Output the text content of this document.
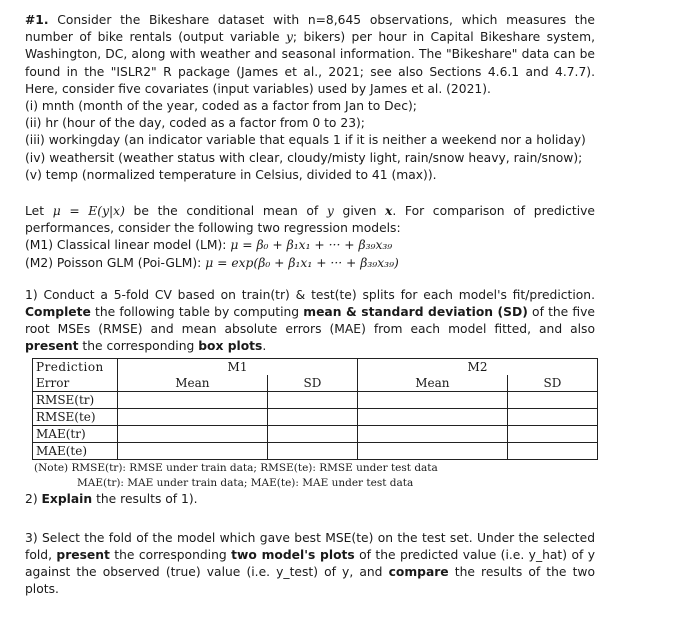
#1. Consider the Bikeshare dataset with n=8,645 observations, which measures the number of bike rentals (output variable y; bikers) per hour in Capital Bikeshare system, Washington, DC, along with weather and seasonal information. The "Bikeshare" data can be found in the "ISLR2" R package (James et al., 2021; see also Sections 4.6.1 and 4.7.7). Here, consider five covariates (input variables) used by James et al. (2021).

(i) mnth (month of the year, coded as a factor from Jan to Dec);

(ii) hr (hour of the day, coded as a factor from 0 to 23);

(iii) workingday (an indicator variable that equals 1 if it is neither a weekend nor a holiday)

(iv) weathersit (weather status with clear, cloudy/misty light, rain/snow heavy, rain/snow);

(v) temp (normalized temperature in Celsius, divided to 41 (max)).

Let μ = E(y|x) be the conditional mean of y given x. For comparison of predictive performances, consider the following two regression models:

(M1) Classical linear model (LM): μ = β₀ + β₁x₁ + ··· + β₃₉x₃₉

(M2) Poisson GLM (Poi-GLM): μ = exp(β₀ + β₁x₁ + ··· + β₃₉x₃₉)

1) Conduct a 5-fold CV based on train(tr) & test(te) splits for each model's fit/prediction. Complete the following table by computing mean & standard deviation (SD) of the five root MSEs (RMSE) and mean absolute errors (MAE) from each model fitted, and also present the corresponding box plots.

Prediction	M1		M2	
Error	Mean	SD	Mean	SD
RMSE(tr)				
RMSE(te)				
MAE(tr)				
MAE(te)				

(Note) RMSE(tr): RMSE under train data; RMSE(te): RMSE under test data

MAE(tr): MAE under train data; MAE(te): MAE under test data

2) Explain the results of 1).

3) Select the fold of the model which gave best MSE(te) on the test set. Under the selected fold, present the corresponding two model's plots of the predicted value (i.e. y_hat) of y against the observed (true) value (i.e. y_test) of y, and compare the results of the two plots.
